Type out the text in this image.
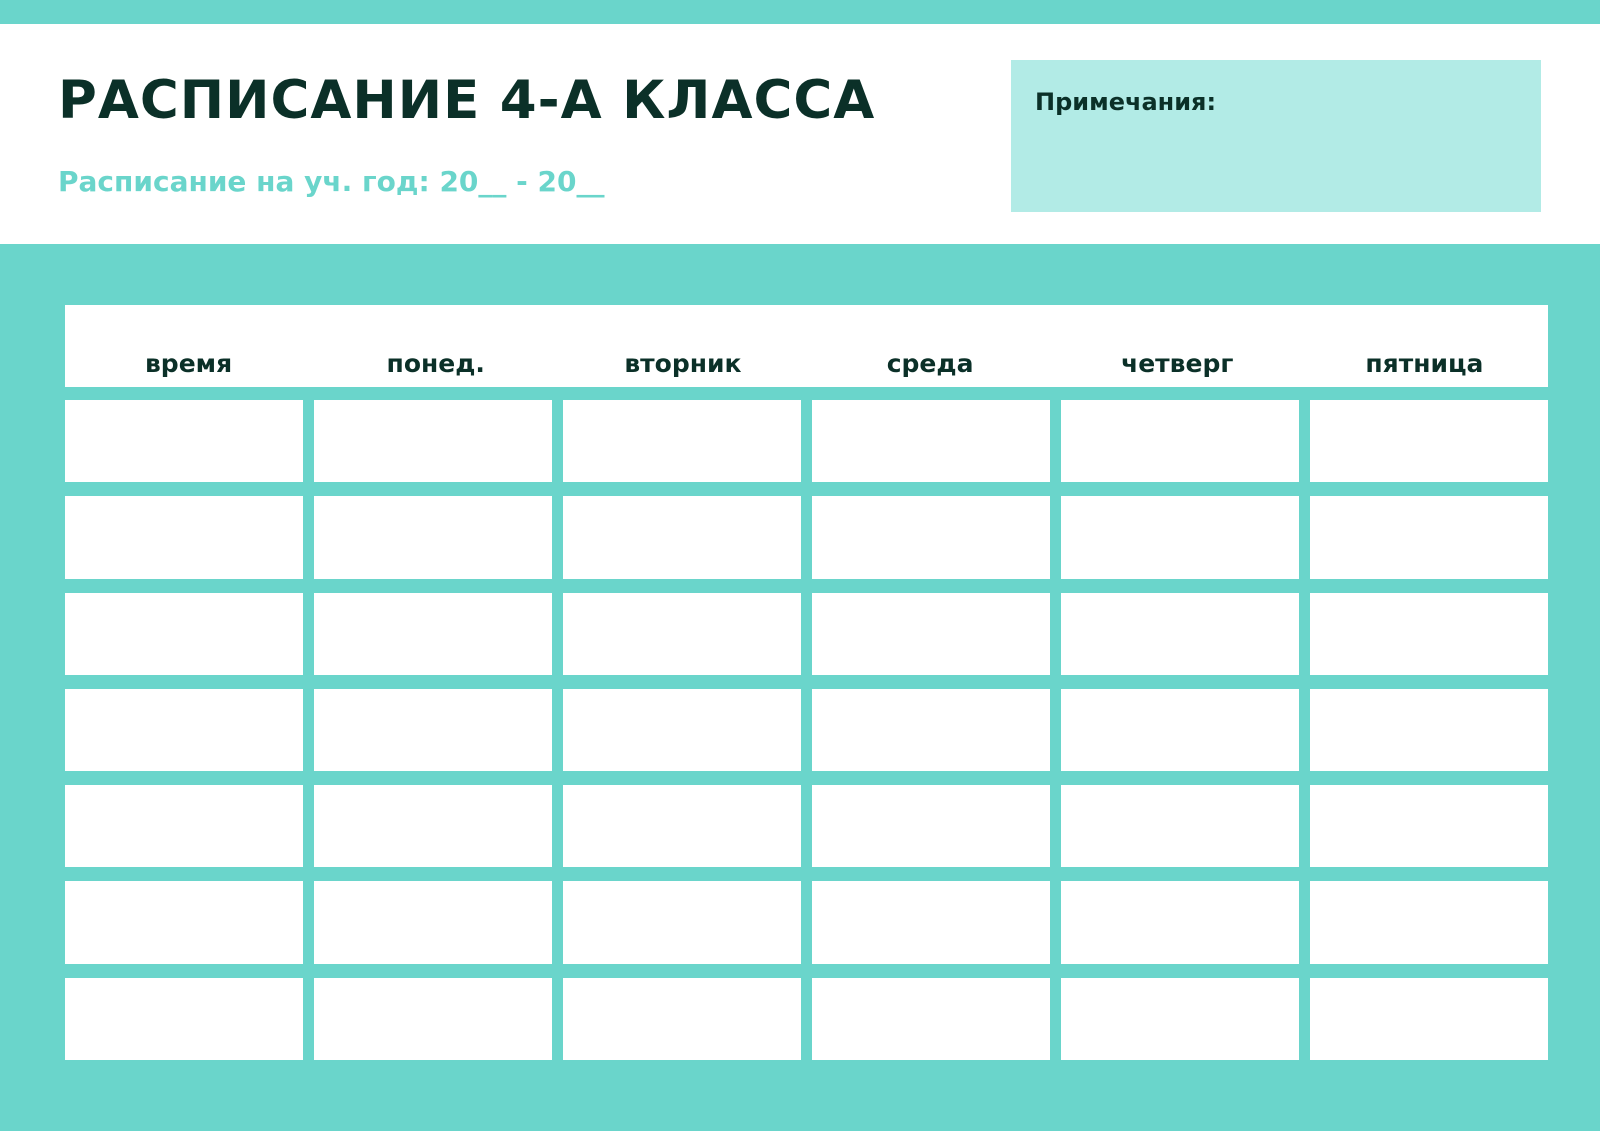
РАСПИСАНИЕ 4-А КЛАССА

Расписание на уч. год: 20__ - 20__

Примечания:
время	понед.	вторник	среда	четверг	пятница
